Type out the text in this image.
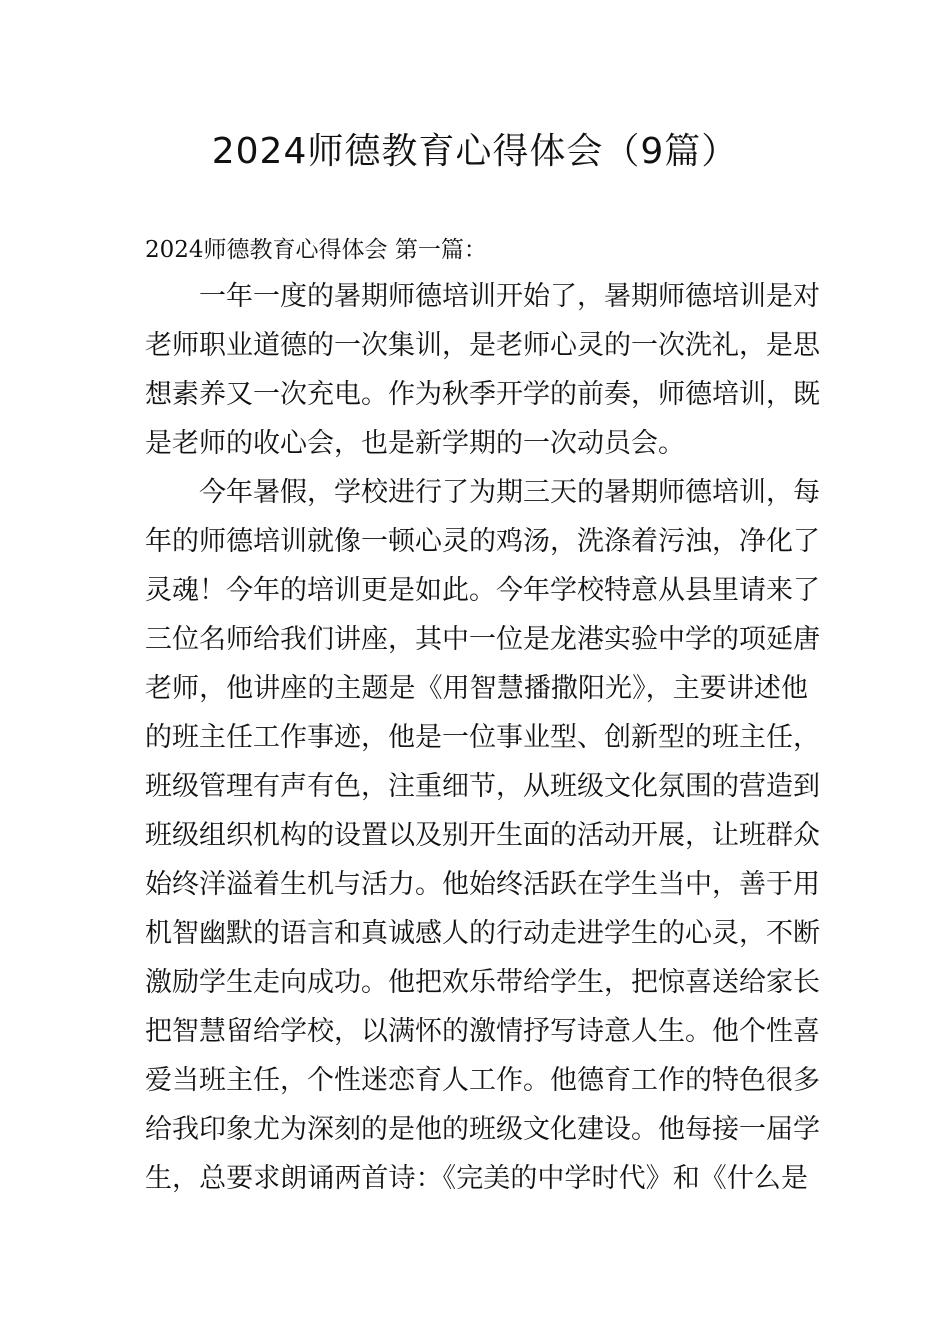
2024师德教育心得体会（9篇）
2024师德教育心得体会 第一篇：
　　一年一度的暑期师德培训开始了，暑期师德培训是对
老师职业道德的一次集训，是老师心灵的一次洗礼，是思
想素养又一次充电。作为秋季开学的前奏，师德培训，既
是老师的收心会，也是新学期的一次动员会。
　　今年暑假，学校进行了为期三天的暑期师德培训，每
年的师德培训就像一顿心灵的鸡汤，洗涤着污浊，净化了
灵魂！今年的培训更是如此。今年学校特意从县里请来了
三位名师给我们讲座，其中一位是龙港实验中学的项延唐
老师，他讲座的主题是《用智慧播撒阳光》，主要讲述他
的班主任工作事迹，他是一位事业型、创新型的班主任，
班级管理有声有色，注重细节，从班级文化氛围的营造到
班级组织机构的设置以及别开生面的活动开展，让班群众
始终洋溢着生机与活力。他始终活跃在学生当中，善于用
机智幽默的语言和真诚感人的行动走进学生的心灵，不断
激励学生走向成功。他把欢乐带给学生，把惊喜送给家长
把智慧留给学校，以满怀的激情抒写诗意人生。他个性喜
爱当班主任，个性迷恋育人工作。他德育工作的特色很多
给我印象尤为深刻的是他的班级文化建设。他每接一届学
生，总要求朗诵两首诗：《完美的中学时代》和《什么是
